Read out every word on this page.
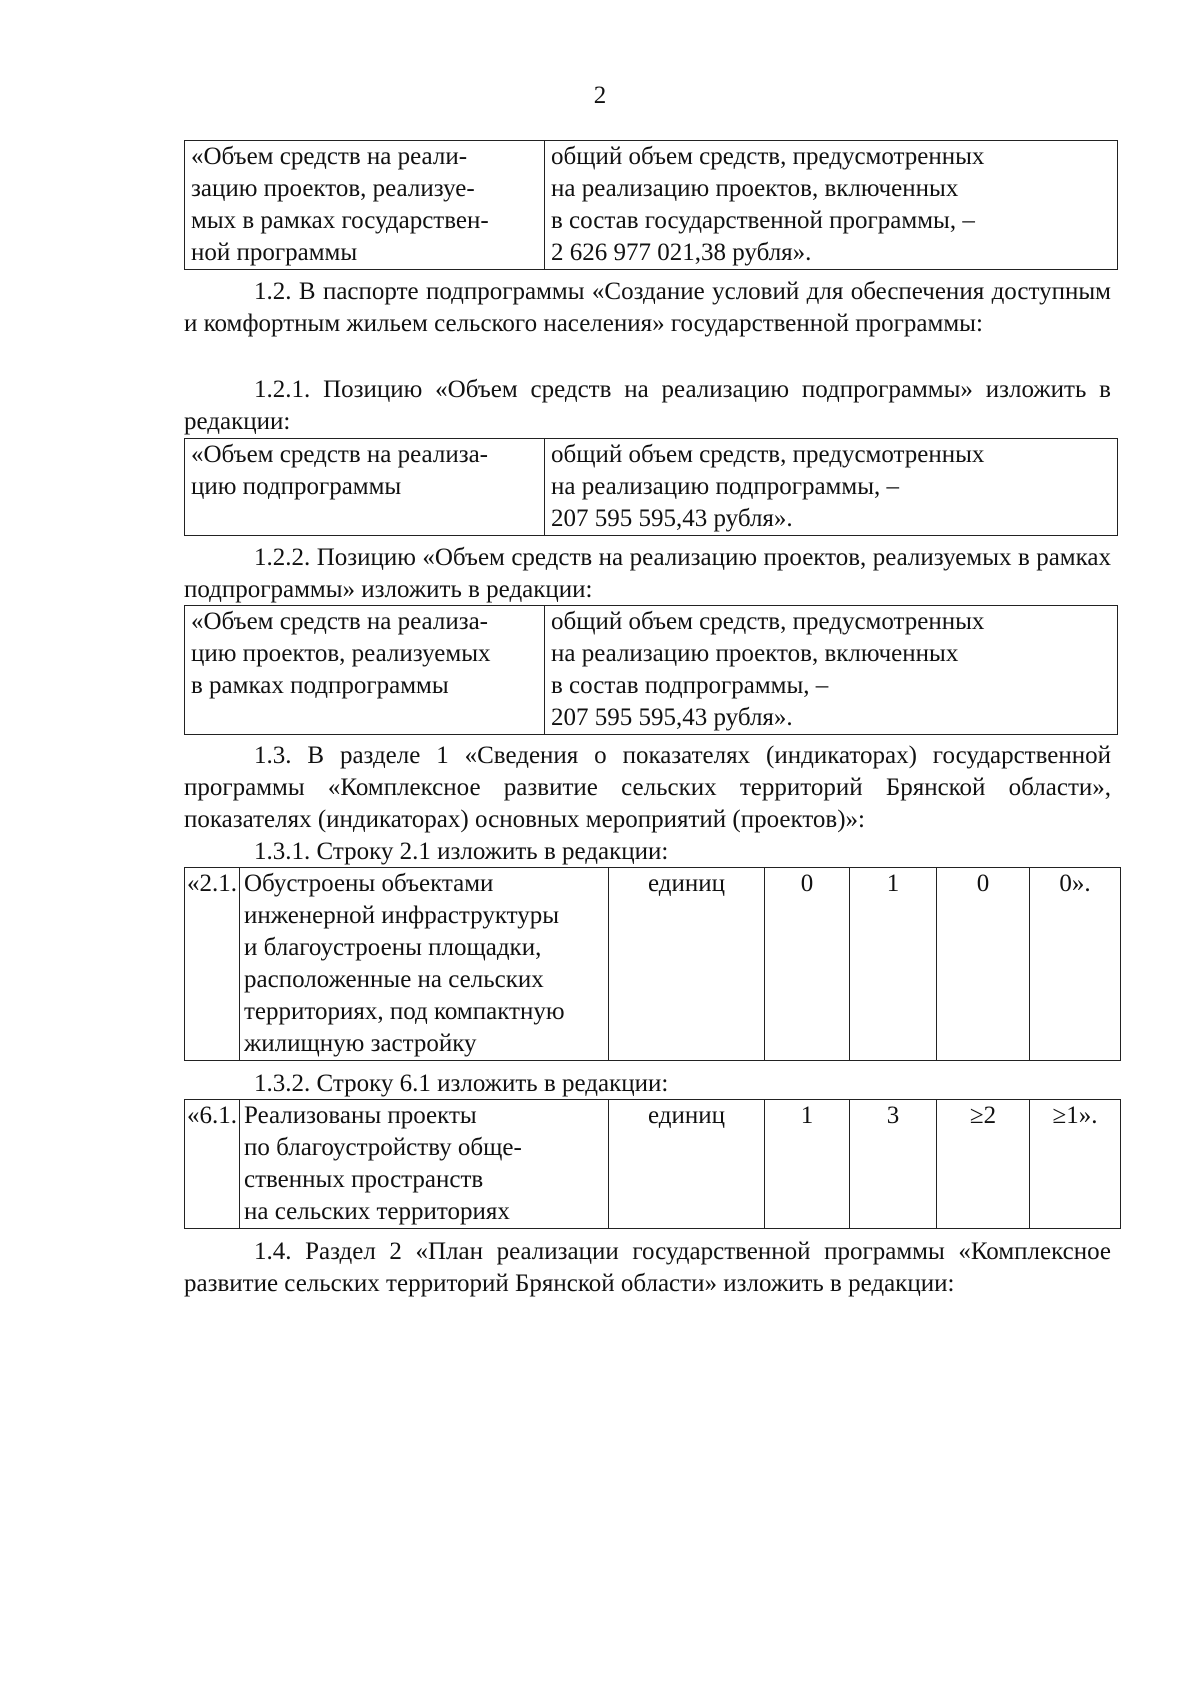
2
«Объем средств на реали-
зацию проектов, реализуе-
мых в рамках государствен-
ной программы

общий объем средств, предусмотренных
на реализацию проектов, включенных
в состав государственной программы, –
2 626 977 021,38 рубля».

1.2. В паспорте подпрограммы «Создание условий для обеспечения доступным и комфортным жильем сельского населения» государственной программы:

1.2.1. Позицию «Объем средств на реализацию подпрограммы» изложить в редакции:

«Объем средств на реализа-
цию подпрограммы

общий объем средств, предусмотренных
на реализацию подпрограммы, –
207 595 595,43 рубля».

1.2.2. Позицию «Объем средств на реализацию проектов, реализуемых в рамках подпрограммы» изложить в редакции:

«Объем средств на реализа-
цию проектов, реализуемых
в рамках подпрограммы

общий объем средств, предусмотренных
на реализацию проектов, включенных
в состав подпрограммы, –
207 595 595,43 рубля».

1.3. В разделе 1 «Сведения о показателях (индикаторах) государственной программы «Комплексное развитие сельских территорий Брянской области», показателях (индикаторах) основных мероприятий (проектов)»:

1.3.1. Строку 2.1 изложить в редакции:

«2.1.	Обустроены объектами
инженерной инфраструктуры
и благоустроены площадки,
расположенные на сельских
территориях, под компактную
жилищную застройку
	единиц	0	1	0	0».

1.3.2. Строку 6.1 изложить в редакции:

«6.1.	Реализованы проекты
по благоустройству обще-
ственных пространств
на сельских территориях
	единиц	1	3	≥2	≥1».

1.4. Раздел 2 «План реализации государственной программы «Комплексное развитие сельских территорий Брянской области» изложить в редакции:
